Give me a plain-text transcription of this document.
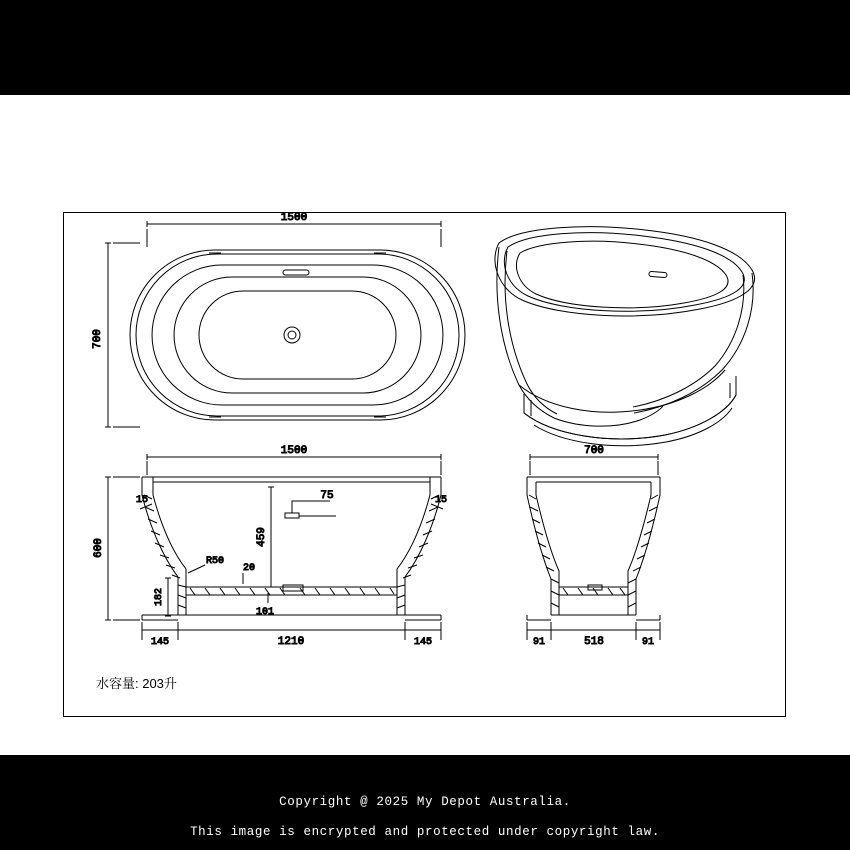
1500
700
75
1500
600
459
15	15
R50
20
182
101
145	1210	145
700
91	518	91
水容量: 203升
Copyright @ 2025 My Depot Australia.
This image is encrypted and protected under copyright law.
